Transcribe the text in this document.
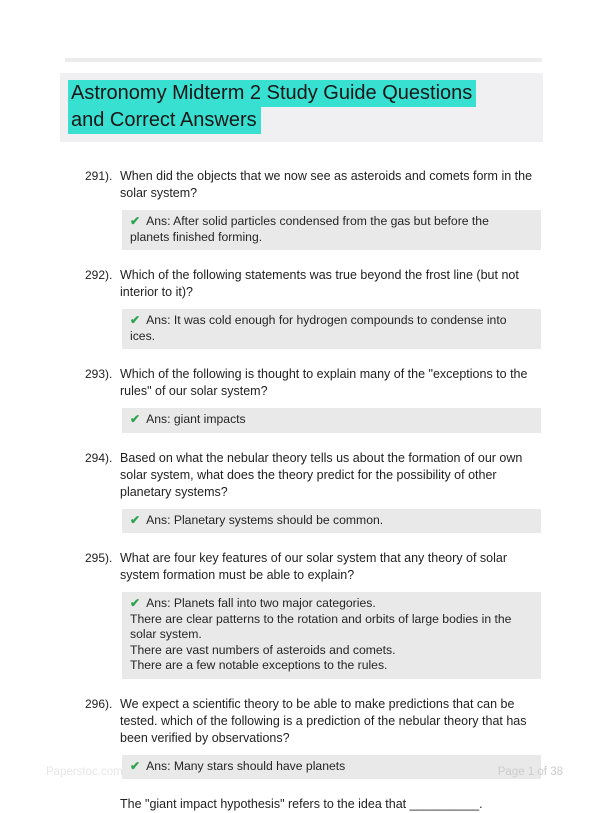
Astronomy Midterm 2 Study Guide Questions
and Correct Answers
291). When did the objects that we now see as asteroids and comets form in the solar system?
✔ Ans: After solid particles condensed from the gas but before the planets finished forming.
292). Which of the following statements was true beyond the frost line (but not interior to it)?
✔ Ans: It was cold enough for hydrogen compounds to condense into ices.
293). Which of the following is thought to explain many of the "exceptions to the rules" of our solar system?
✔ Ans: giant impacts
294). Based on what the nebular theory tells us about the formation of our own solar system, what does the theory predict for the possibility of other planetary systems?
✔ Ans: Planetary systems should be common.
295). What are four key features of our solar system that any theory of solar system formation must be able to explain?
✔ Ans: Planets fall into two major categories.
There are clear patterns to the rotation and orbits of large bodies in the solar system.
There are vast numbers of asteroids and comets.
There are a few notable exceptions to the rules.
296). We expect a scientific theory to be able to make predictions that can be tested. which of the following is a prediction of the nebular theory that has been verified by observations?
✔ Ans: Many stars should have planets

The "giant impact hypothesis" refers to the idea that __________.

Paperstoc.com	Page 1 of 38
